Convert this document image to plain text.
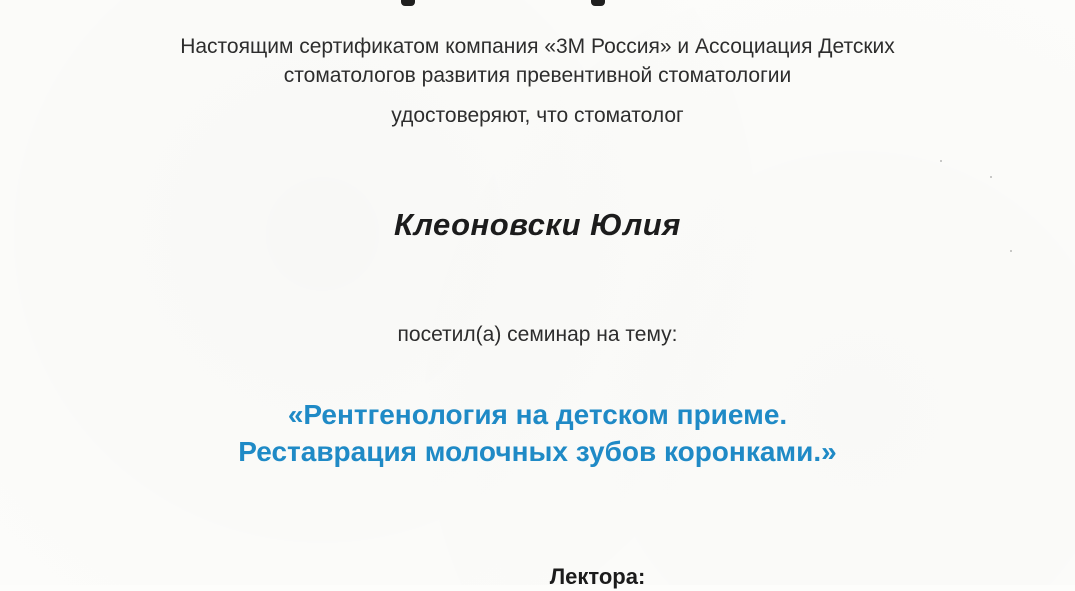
Настоящим сертификатом компания «3М Россия» и Ассоциация Детских
стоматологов развития превентивной стоматологии
удостоверяют, что стоматолог
Клеоновски Юлия
посетил(а) семинар на тему:
«Рентгенология на детском приеме.
Реставрация молочных зубов коронками.»
Лектора:
